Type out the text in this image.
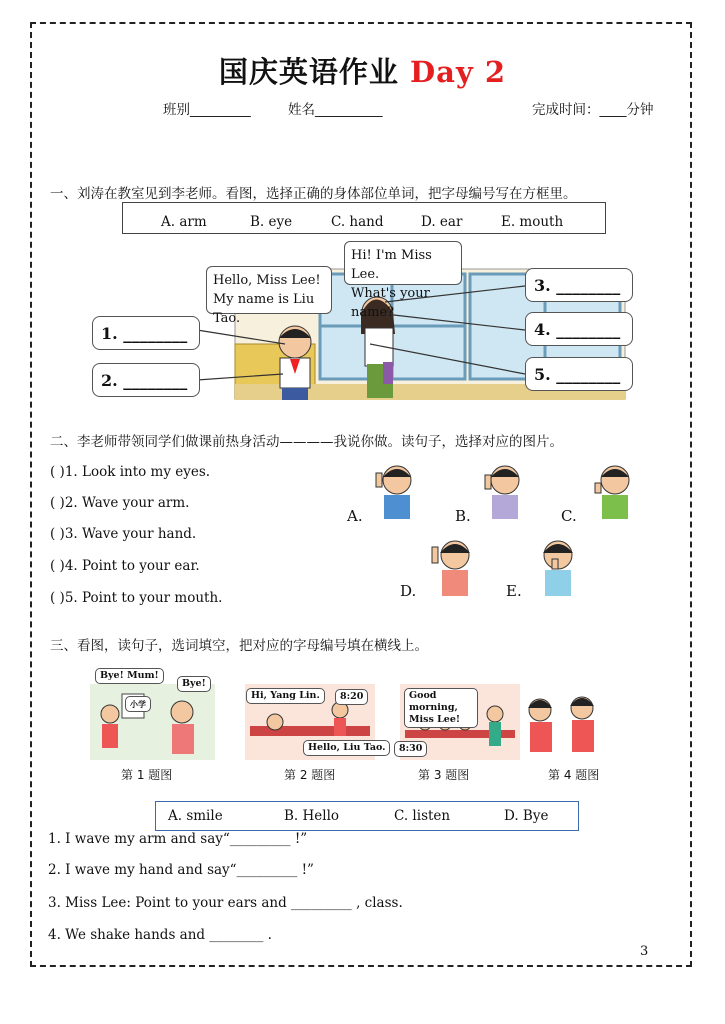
国庆英语作业 Day 2
班别_________	姓名__________	完成时间：____分钟
一、刘涛在教室见到李老师。看图，选择正确的身体部位单词，把字母编号写在方框里。
A. arm	B. eye	C. hand	D. ear	E. mouth
Hello, Miss Lee! My name is Liu Tao.
Hi! I'm Miss Lee.
What's your name?
1. ________
2. ________
3. ________
4. ________
5. ________
二、李老师带领同学们做课前热身活动————我说你做。读句子，选择对应的图片。
( )1. Look into my eyes.
( )2. Wave your arm.
( )3. Wave your hand.
( )4. Point to your ear.
( )5. Point to your mouth.
A.	B.	C.
D.	E.
三、看图，读句子，选词填空，把对应的字母编号填在横线上。
Bye! Mum!
Bye!
小学
Hi, Yang Lin.	8:20
Hello, Liu Tao.
Good morning, Miss Lee!
8:30
第 1 题图	第 2 题图	第 3 题图	第 4 题图
A. smile	B. Hello	C. listen	D. Bye
1. I wave my arm and say“_________ !”
2. I wave my hand and say“_________ !”
3. Miss Lee: Point to your ears and _________ , class.
4. We shake hands and ________ .
3
